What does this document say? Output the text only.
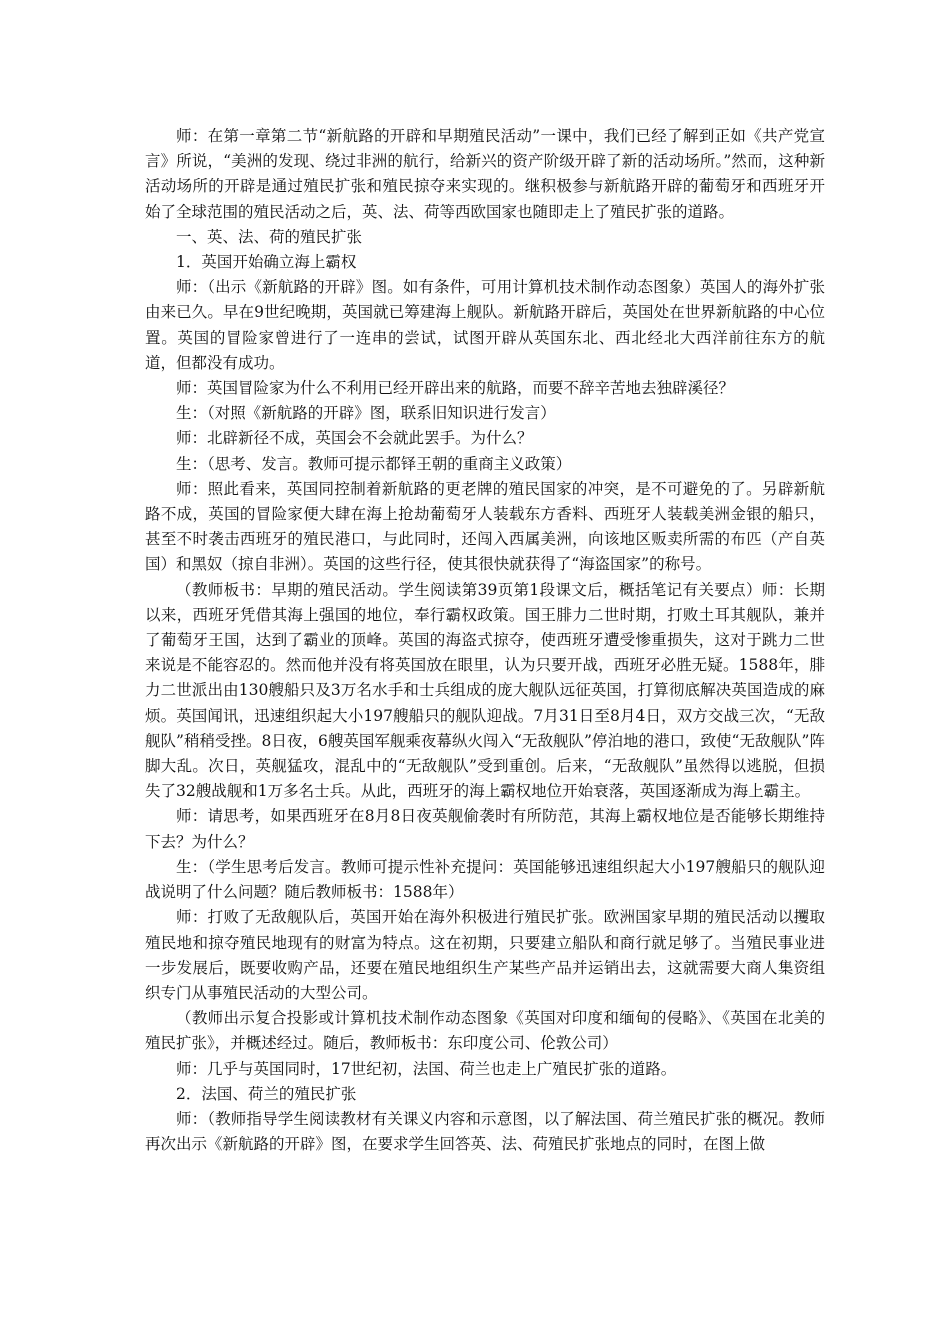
师：在第一章第二节“新航路的开辟和早期殖民活动”一课中，我们已经了解到正如《共产党宣言》所说，“美洲的发现、绕过非洲的航行，给新兴的资产阶级开辟了新的活动场所。”然而，这种新活动场所的开辟是通过殖民扩张和殖民掠夺来实现的。继积极参与新航路开辟的葡萄牙和西班牙开始了全球范围的殖民活动之后，英、法、荷等西欧国家也随即走上了殖民扩张的道路。

一、英、法、荷的殖民扩张

1．英国开始确立海上霸权

师：（出示《新航路的开辟》图。如有条件，可用计算机技术制作动态图象）英国人的海外扩张由来已久。早在9世纪晚期，英国就已筹建海上舰队。新航路开辟后，英国处在世界新航路的中心位置。英国的冒险家曾进行了一连串的尝试，试图开辟从英国东北、西北经北大西洋前往东方的航道，但都没有成功。

师：英国冒险家为什么不利用已经开辟出来的航路，而要不辞辛苦地去独辟溪径？

生：（对照《新航路的开辟》图，联系旧知识进行发言）

师：北辟新径不成，英国会不会就此罢手。为什么？

生：（思考、发言。教师可提示都铎王朝的重商主义政策）

师：照此看来，英国同控制着新航路的更老牌的殖民国家的冲突，是不可避免的了。另辟新航路不成，英国的冒险家便大肆在海上抢劫葡萄牙人装载东方香料、西班牙人装载美洲金银的船只，甚至不时袭击西班牙的殖民港口，与此同时，还闯入西属美洲，向该地区贩卖所需的布匹（产自英国）和黑奴（掠自非洲）。英国的这些行径，使其很快就获得了“海盗国家”的称号。

（教师板书：早期的殖民活动。学生阅读第39页第1段课文后，概括笔记有关要点）师：长期以来，西班牙凭借其海上强国的地位，奉行霸权政策。国王腓力二世时期，打败土耳其舰队，兼并了葡萄牙王国，达到了霸业的顶峰。英国的海盗式掠夺，使西班牙遭受惨重损失，这对于跳力二世来说是不能容忍的。然而他并没有将英国放在眼里，认为只要开战，西班牙必胜无疑。1588年，腓力二世派出由130艘船只及3万名水手和士兵组成的庞大舰队远征英国，打算彻底解决英国造成的麻烦。英国闻讯，迅速组织起大小197艘船只的舰队迎战。7月31日至8月4日，双方交战三次，“无敌舰队”稍稍受挫。8日夜，6艘英国军舰乘夜幕纵火闯入“无敌舰队”停泊地的港口，致使“无敌舰队”阵脚大乱。次日，英舰猛攻，混乱中的“无敌舰队”受到重创。后来，“无敌舰队”虽然得以逃脱，但损失了32艘战舰和1万多名士兵。从此，西班牙的海上霸权地位开始衰落，英国逐渐成为海上霸主。

师：请思考，如果西班牙在8月8日夜英舰偷袭时有所防范，其海上霸权地位是否能够长期维持下去？为什么？

生：（学生思考后发言。教师可提示性补充提问：英国能够迅速组织起大小197艘船只的舰队迎战说明了什么问题？随后教师板书：1588年）

师：打败了无敌舰队后，英国开始在海外积极进行殖民扩张。欧洲国家早期的殖民活动以攫取殖民地和掠夺殖民地现有的财富为特点。这在初期，只要建立船队和商行就足够了。当殖民事业进一步发展后，既要收购产品，还要在殖民地组织生产某些产品并运销出去，这就需要大商人集资组织专门从事殖民活动的大型公司。

（教师出示复合投影或计算机技术制作动态图象《英国对印度和缅甸的侵略》、《英国在北美的殖民扩张》，并概述经过。随后，教师板书：东印度公司、伦敦公司）

师：几乎与英国同时，17世纪初，法国、荷兰也走上广殖民扩张的道路。

2．法国、荷兰的殖民扩张

师：（教师指导学生阅读教材有关课义内容和示意图，以了解法国、荷兰殖民扩张的概况。教师再次出示《新航路的开辟》图，在要求学生回答英、法、荷殖民扩张地点的同时，在图上做
